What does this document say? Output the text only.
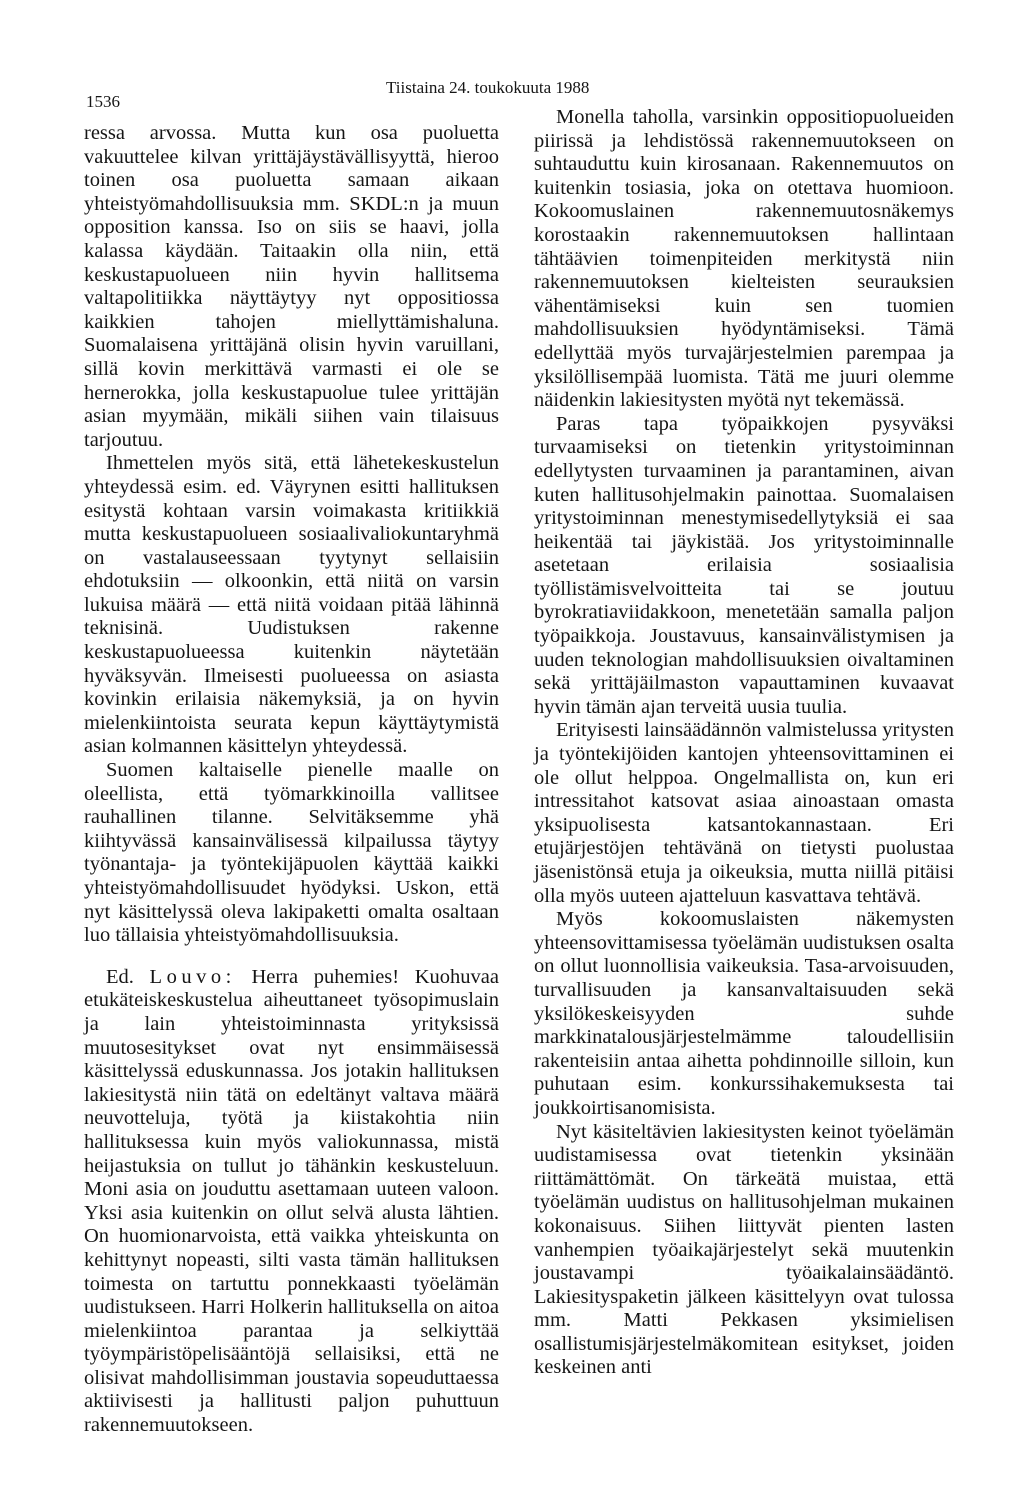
1536
Tiistaina 24. toukokuuta 1988

ressa arvossa. Mutta kun osa puoluetta vakuuttelee kilvan yrittäjäystävällisyyttä, hieroo toinen osa puoluetta samaan aikaan yhteistyömahdollisuuksia mm. SKDL:n ja muun opposition kanssa. Iso on siis se haavi, jolla kalassa käydään. Taitaakin olla niin, että keskustapuolueen niin hyvin hallitsema valtapolitiikka näyttäytyy nyt oppositiossa kaikkien tahojen miellyttämishaluna. Suomalaisena yrittäjänä olisin hyvin varuillani, sillä kovin merkittävä varmasti ei ole se hernerokka, jolla keskustapuolue tulee yrittäjän asian myymään, mikäli siihen vain tilaisuus tarjoutuu.

Ihmettelen myös sitä, että lähetekeskustelun yhteydessä esim. ed. Väyrynen esitti hallituksen esitystä kohtaan varsin voimakasta kritiikkiä mutta keskustapuolueen sosiaalivaliokuntaryhmä on vastalauseessaan tyytynyt sellaisiin ehdotuksiin — olkoonkin, että niitä on varsin lukuisa määrä — että niitä voidaan pitää lähinnä teknisinä. Uudistuksen rakenne keskustapuolueessa kuitenkin näytetään hyväksyvän. Ilmeisesti puolueessa on asiasta kovinkin erilaisia näkemyksiä, ja on hyvin mielenkiintoista seurata kepun käyttäytymistä asian kolmannen käsittelyn yhteydessä.

Suomen kaltaiselle pienelle maalle on oleellista, että työmarkkinoilla vallitsee rauhallinen tilanne. Selvitäksemme yhä kiihtyvässä kansainvälisessä kilpailussa täytyy työnantaja- ja työntekijäpuolen käyttää kaikki yhteistyömahdollisuudet hyödyksi. Uskon, että nyt käsittelyssä oleva lakipaketti omalta osaltaan luo tällaisia yhteistyömahdollisuuksia.

Ed. Louvo: Herra puhemies! Kuohuvaa etukäteiskeskustelua aiheuttaneet työsopimuslain ja lain yhteistoiminnasta yrityksissä muutosesitykset ovat nyt ensimmäisessä käsittelyssä eduskunnassa. Jos jotakin hallituksen lakiesitystä niin tätä on edeltänyt valtava määrä neuvotteluja, työtä ja kiistakohtia niin hallituksessa kuin myös valiokunnassa, mistä heijastuksia on tullut jo tähänkin keskusteluun. Moni asia on jouduttu asettamaan uuteen valoon. Yksi asia kuitenkin on ollut selvä alusta lähtien. On huomionarvoista, että vaikka yhteiskunta on kehittynyt nopeasti, silti vasta tämän hallituksen toimesta on tartuttu ponnekkaasti työelämän uudistukseen. Harri Holkerin hallituksella on aitoa mielenkiintoa parantaa ja selkiyttää työympäristöpelisääntöjä sellaisiksi, että ne olisivat mahdollisimman joustavia sopeuduttaessa aktiivisesti ja hallitusti paljon puhuttuun rakennemuutokseen.

Monella taholla, varsinkin oppositiopuolueiden piirissä ja lehdistössä rakennemuutokseen on suhtauduttu kuin kirosanaan. Rakennemuutos on kuitenkin tosiasia, joka on otettava huomioon. Kokoomuslainen rakennemuutosnäkemys korostaakin rakennemuutoksen hallintaan tähtäävien toimenpiteiden merkitystä niin rakennemuutoksen kielteisten seurauksien vähentämiseksi kuin sen tuomien mahdollisuuksien hyödyntämiseksi. Tämä edellyttää myös turvajärjestelmien parempaa ja yksilöllisempää luomista. Tätä me juuri olemme näidenkin lakiesitysten myötä nyt tekemässä.

Paras tapa työpaikkojen pysyväksi turvaamiseksi on tietenkin yritystoiminnan edellytysten turvaaminen ja parantaminen, aivan kuten hallitusohjelmakin painottaa. Suomalaisen yritystoiminnan menestymisedellytyksiä ei saa heikentää tai jäykistää. Jos yritystoiminnalle asetetaan erilaisia sosiaalisia työllistämisvelvoitteita tai se joutuu byrokratiaviidakkoon, menetetään samalla paljon työpaikkoja. Joustavuus, kansainvälistymisen ja uuden teknologian mahdollisuuksien oivaltaminen sekä yrittäjäilmaston vapauttaminen kuvaavat hyvin tämän ajan terveitä uusia tuulia.

Erityisesti lainsäädännön valmistelussa yritysten ja työntekijöiden kantojen yhteensovittaminen ei ole ollut helppoa. Ongelmallista on, kun eri intressitahot katsovat asiaa ainoastaan omasta yksipuolisesta katsantokannastaan. Eri etujärjestöjen tehtävänä on tietysti puolustaa jäsenistönsä etuja ja oikeuksia, mutta niillä pitäisi olla myös uuteen ajatteluun kasvattava tehtävä.

Myös kokoomuslaisten näkemysten yhteensovittamisessa työelämän uudistuksen osalta on ollut luonnollisia vaikeuksia. Tasa-arvoisuuden, turvallisuuden ja kansanvaltaisuuden sekä yksilökeskeisyyden suhde markkinatalousjärjestelmämme taloudellisiin rakenteisiin antaa aihetta pohdinnoille silloin, kun puhutaan esim. konkurssihakemuksesta tai joukkoirtisanomisista.

Nyt käsiteltävien lakiesitysten keinot työelämän uudistamisessa ovat tietenkin yksinään riittämättömät. On tärkeätä muistaa, että työelämän uudistus on hallitusohjelman mukainen kokonaisuus. Siihen liittyvät pienten lasten vanhempien työaikajärjestelyt sekä muutenkin joustavampi työaikalainsäädäntö. Lakiesityspaketin jälkeen käsittelyyn ovat tulossa mm. Matti Pekkasen yksimielisen osallistumisjärjestelmäkomitean esitykset, joiden keskeinen anti
